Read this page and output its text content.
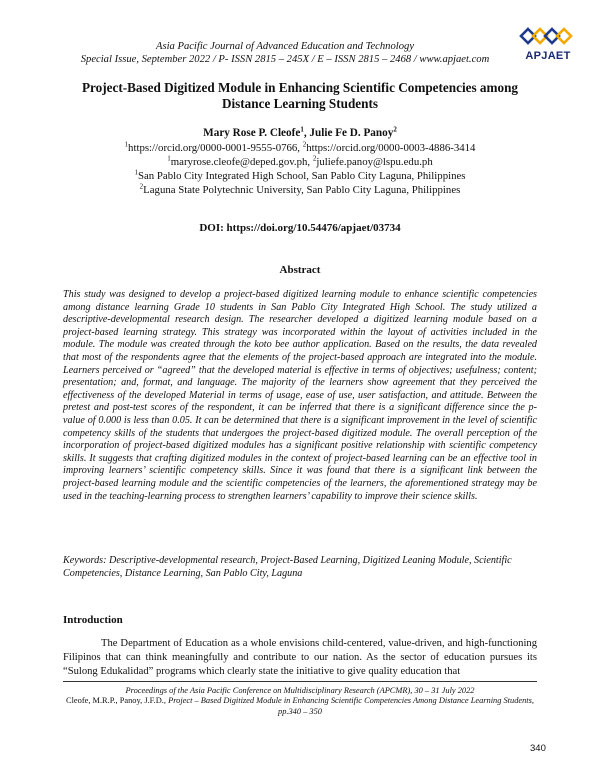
Asia Pacific Journal of Advanced Education and Technology
Special Issue, September 2022 / P- ISSN 2815 – 245X / E – ISSN 2815 – 2468 / www.apjaet.com	APJAET
Project-Based Digitized Module in Enhancing Scientific Competencies among Distance Learning Students
Mary Rose P. Cleofe$^1$, Julie Fe D. Panoy$^2$
$^1$https://orcid.org/0000-0001-9555-0766, $^2$https://orcid.org/0000-0003-4886-3414
$^1$maryrose.cleofe@deped.gov.ph, $^2$juliefe.panoy@lspu.edu.ph
$^1$San Pablo City Integrated High School, San Pablo City Laguna, Philippines
$^2$Laguna State Polytechnic University, San Pablo City Laguna, Philippines
DOI: https://doi.org/10.54476/apjaet/03734
Abstract

This study was designed to develop a project-based digitized learning module to enhance scientific competencies among distance learning Grade 10 students in San Pablo City Integrated High School. The study utilized a descriptive-developmental research design. The researcher developed a digitized learning module based on a project-based learning strategy. This strategy was incorporated within the layout of activities included in the module. The module was created through the koto bee author application. Based on the results, the data revealed that most of the respondents agree that the elements of the project-based approach are integrated into the module. Learners perceived or “agreed” that the developed material is effective in terms of objectives; usefulness; content; presentation; and, format, and language. The majority of the learners show agreement that they perceived the effectiveness of the developed Material in terms of usage, ease of use, user satisfaction, and attitude. Between the pretest and post-test scores of the respondent, it can be inferred that there is a significant difference since the p-value of 0.000 is less than 0.05. It can be determined that there is a significant improvement in the level of scientific competency skills of the students that undergoes the project-based digitized module. The overall perception of the incorporation of project-based digitized modules has a significant positive relationship with scientific competency skills. It suggests that crafting digitized modules in the context of project-based learning can be an effective tool in improving learners’ scientific competency skills. Since it was found that there is a significant link between the project-based learning module and the scientific competencies of the learners, the aforementioned strategy may be used in the teaching-learning process to strengthen learners’ capability to improve their science skills.

Keywords: Descriptive-developmental research, Project-Based Learning, Digitized Leaning Module, Scientific Competencies, Distance Learning, San Pablo City, Laguna

Introduction

The Department of Education as a whole envisions child-centered, value-driven, and high-functioning Filipinos that can think meaningfully and contribute to our nation. As the sector of education pursues its “Sulong Edukalidad” programs which clearly state the initiative to give quality education that

Proceedings of the Asia Pacific Conference on Multidisciplinary Research (APCMR), 30 – 31 July 2022
Cleofe, M.R.P., Panoy, J.F.D., Project – Based Digitized Module in Enhancing Scientific Competencies Among Distance Learning Students, pp.340 – 350
340
